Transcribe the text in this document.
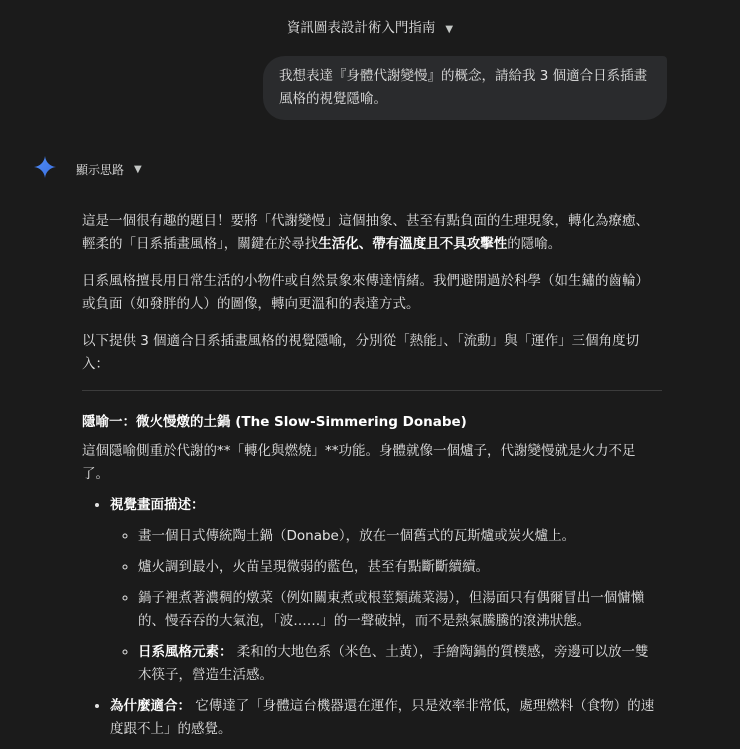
資訊圖表設計術入門指南 ▼
我想表達『身體代謝變慢』的概念，請給我 3 個適合日系插畫風格的視覺隱喻。
顯示思路 ▼

這是一個很有趣的題目！要將「代謝變慢」這個抽象、甚至有點負面的生理現象，轉化為療癒、輕柔的「日系插畫風格」，關鍵在於尋找生活化、帶有溫度且不具攻擊性的隱喻。

日系風格擅長用日常生活的小物件或自然景象來傳達情緒。我們避開過於科學（如生鏽的齒輪）或負面（如發胖的人）的圖像，轉向更溫和的表達方式。

以下提供 3 個適合日系插畫風格的視覺隱喻，分別從「熱能」、「流動」與「運作」三個角度切入：

隱喻一：微火慢燉的土鍋 (The Slow-Simmering Donabe)

這個隱喻側重於代謝的**「轉化與燃燒」**功能。身體就像一個爐子，代謝變慢就是火力不足了。

• 視覺畫面描述：
◦ 畫一個日式傳統陶土鍋（Donabe），放在一個舊式的瓦斯爐或炭火爐上。
◦ 爐火調到最小，火苗呈現微弱的藍色，甚至有點斷斷續續。
◦ 鍋子裡煮著濃稠的燉菜（例如關東煮或根莖類蔬菜湯），但湯面只有偶爾冒出一個慵懶的、慢吞吞的大氣泡，「波……」的一聲破掉，而不是熱氣騰騰的滾沸狀態。
◦ 日系風格元素： 柔和的大地色系（米色、土黃），手繪陶鍋的質樸感，旁邊可以放一雙木筷子，營造生活感。
• 為什麼適合： 它傳達了「身體這台機器還在運作，只是效率非常低，處理燃料（食物）的速度跟不上」的感覺。
